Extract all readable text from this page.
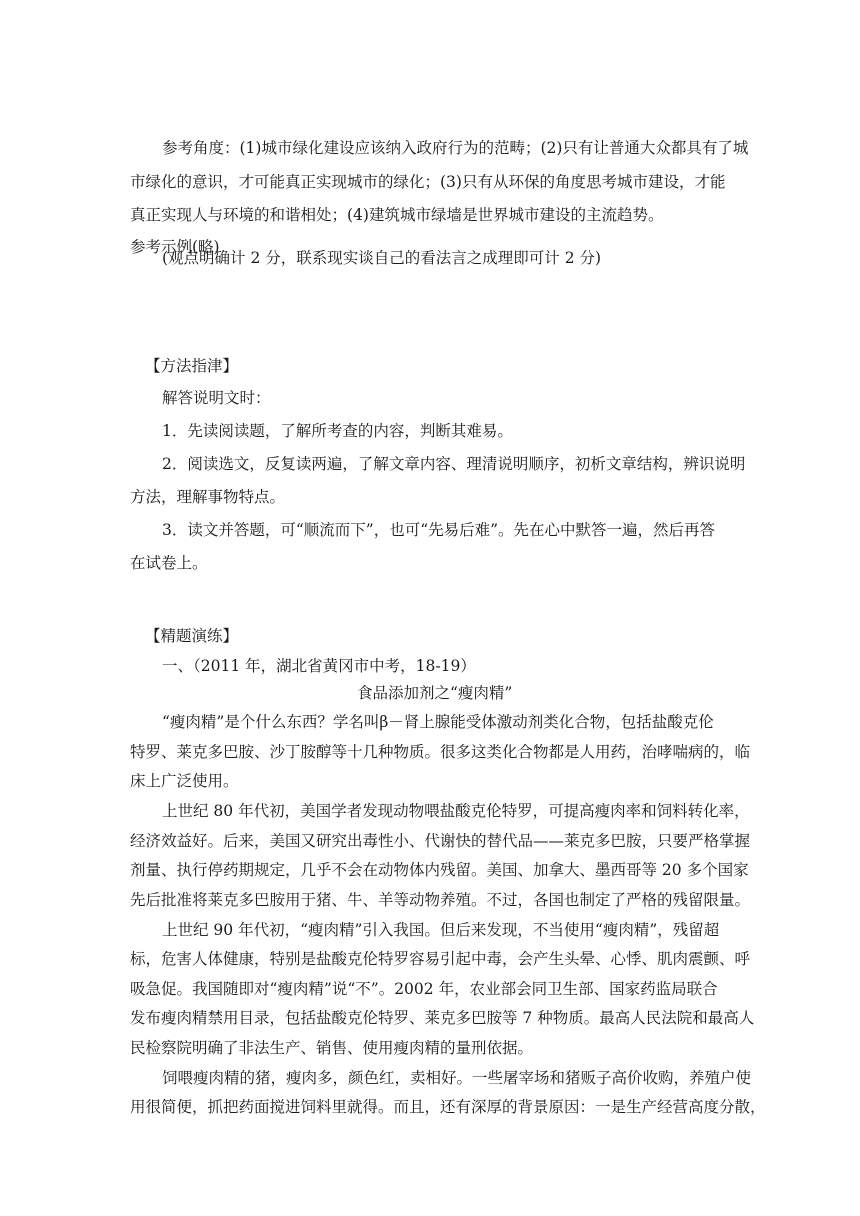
参考角度：(1)城市绿化建设应该纳入政府行为的范畴；(2)只有让普通大众都具有了城
市绿化的意识，才可能真正实现城市的绿化；(3)只有从环保的角度思考城市建设，才能
真正实现人与环境的和谐相处；(4)建筑城市绿墙是世界城市建设的主流趋势。
参考示例(略)
(观点明确计 2 分，联系现实谈自己的看法言之成理即可计 2 分)
【方法指津】
解答说明文时：
1．先读阅读题，了解所考查的内容，判断其难易。
2．阅读选文，反复读两遍，了解文章内容、理清说明顺序，初析文章结构，辨识说明
方法，理解事物特点。
3．读文并答题，可“顺流而下”，也可“先易后难”。先在心中默答一遍，然后再答
在试卷上。
【精题演练】
一、（2011 年，湖北省黄冈市中考，18-19）
食品添加剂之“瘦肉精”
“瘦肉精”是个什么东西？学名叫β－肾上腺能受体激动剂类化合物，包括盐酸克伦
特罗、莱克多巴胺、沙丁胺醇等十几种物质。很多这类化合物都是人用药，治哮喘病的，临
床上广泛使用。
上世纪 80 年代初，美国学者发现动物喂盐酸克伦特罗，可提高瘦肉率和饲料转化率，
经济效益好。后来，美国又研究出毒性小、代谢快的替代品——莱克多巴胺，只要严格掌握
剂量、执行停药期规定，几乎不会在动物体内残留。美国、加拿大、墨西哥等 20 多个国家
先后批准将莱克多巴胺用于猪、牛、羊等动物养殖。不过，各国也制定了严格的残留限量。
上世纪 90 年代初，“瘦肉精”引入我国。但后来发现，不当使用“瘦肉精”，残留超
标，危害人体健康，特别是盐酸克伦特罗容易引起中毒，会产生头晕、心悸、肌肉震颤、呼
吸急促。我国随即对“瘦肉精”说“不”。2002 年，农业部会同卫生部、国家药监局联合
发布瘦肉精禁用目录，包括盐酸克伦特罗、莱克多巴胺等 7 种物质。最高人民法院和最高人
民检察院明确了非法生产、销售、使用瘦肉精的量刑依据。
饲喂瘦肉精的猪，瘦肉多，颜色红，卖相好。一些屠宰场和猪贩子高价收购，养殖户使
用很简便，抓把药面搅进饲料里就得。而且，还有深厚的背景原因：一是生产经营高度分散，
